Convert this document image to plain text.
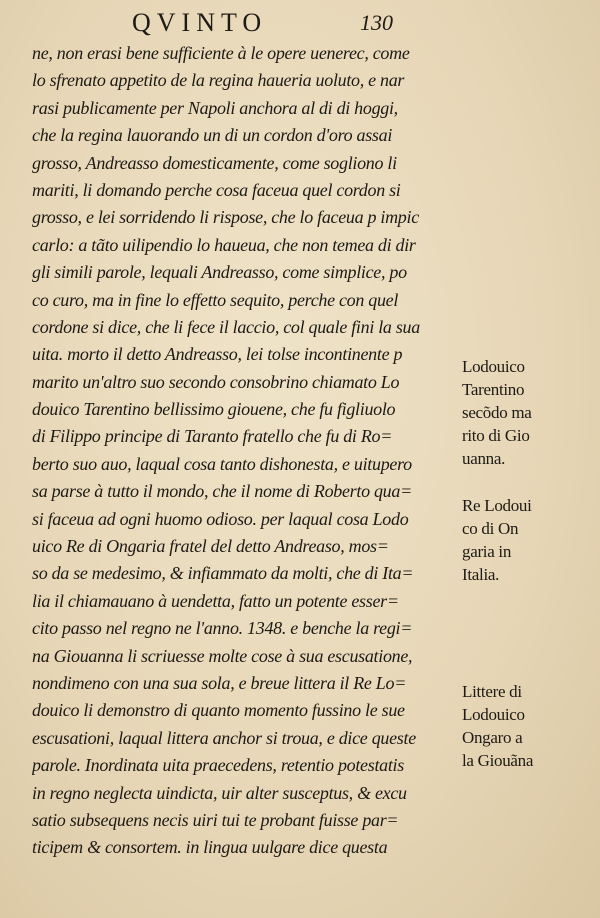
QVINTO	130
ne, non erasi bene sufficiente à le opere uenerec, come
lo sfrenato appetito de la regina haueria uoluto, e nar
rasi publicamente per Napoli anchora al di di hoggi,
che la regina lauorando un di un cordon d'oro assai
grosso, Andreasso domesticamente, come sogliono li
mariti, li domando perche cosa faceua quel cordon si
grosso, e lei sorridendo li rispose, che lo faceua p impic
carlo: a tãto uilipendio lo haueua, che non temea di dir
gli simili parole, lequali Andreasso, come simplice, po
co curo, ma in fine lo effetto sequito, perche con quel
cordone si dice, che li fece il laccio, col quale fini la sua
uita. morto il detto Andreasso, lei tolse incontinente p
marito un'altro suo secondo consobrino chiamato Lo
douico Tarentino bellissimo giouene, che fu figliuolo
di Filippo principe di Taranto fratello che fu di Ro=
berto suo auo, laqual cosa tanto dishonesta, e uitupero
sa parse à tutto il mondo, che il nome di Roberto qua=
si faceua ad ogni huomo odioso. per laqual cosa Lodo
uico Re di Ongaria fratel del detto Andreaso, mos=
so da se medesimo, & infiammato da molti, che di Ita=
lia il chiamauano à uendetta, fatto un potente esser=
cito passo nel regno ne l'anno. 1348. e benche la regi=
na Giouanna li scriuesse molte cose à sua escusatione,
nondimeno con una sua sola, e breue littera il Re Lo=
douico li demonstro di quanto momento fussino le sue
escusationi, laqual littera anchor si troua, e dice queste
parole. Inordinata uita praecedens, retentio potestatis
in regno neglecta uindicta, uir alter susceptus, & excu
satio subsequens necis uiri tui te probant fuisse par=
ticipem & consortem. in lingua uulgare dice questa
Lodouico
Tarentino
secõdo ma
rito di Gio
uanna.
Re Lodoui
co di On
garia in
Italia.
Littere di
Lodouico
Ongaro a
la Giouãna
